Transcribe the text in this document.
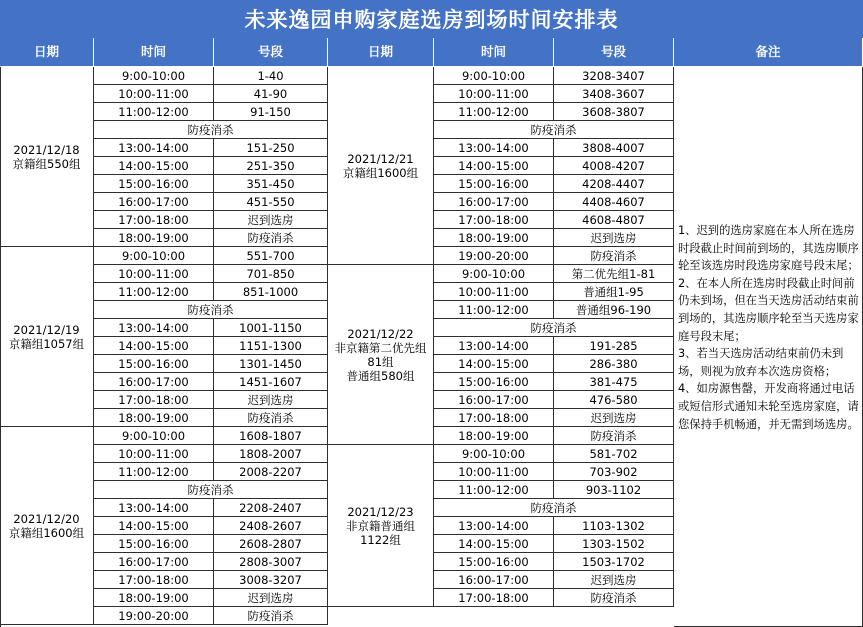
未来逸园申购家庭选房到场时间安排表
日期	时间	号段	日期	时间	号段	备注
2021/12/18
京籍组550组
9:00-10:00	1-40
10:00-11:00	41-90
11:00-12:00	91-150
防疫消杀
13:00-14:00	151-250
14:00-15:00	251-350
15:00-16:00	351-450
16:00-17:00	451-550
17:00-18:00	迟到选房
18:00-19:00	防疫消杀
2021/12/19
京籍组1057组
9:00-10:00	551-700
10:00-11:00	701-850
11:00-12:00	851-1000
防疫消杀
13:00-14:00	1001-1150
14:00-15:00	1151-1300
15:00-16:00	1301-1450
16:00-17:00	1451-1607
17:00-18:00	迟到选房
18:00-19:00	防疫消杀
2021/12/20
京籍组1600组
9:00-10:00	1608-1807
10:00-11:00	1808-2007
11:00-12:00	2008-2207
防疫消杀
13:00-14:00	2208-2407
14:00-15:00	2408-2607
15:00-16:00	2608-2807
16:00-17:00	2808-3007
17:00-18:00	3008-3207
18:00-19:00	迟到选房
19:00-20:00	防疫消杀
2021/12/21
京籍组1600组
9:00-10:00	3208-3407
10:00-11:00	3408-3607
11:00-12:00	3608-3807
防疫消杀
13:00-14:00	3808-4007
14:00-15:00	4008-4207
15:00-16:00	4208-4407
16:00-17:00	4408-4607
17:00-18:00	4608-4807
18:00-19:00	迟到选房
19:00-20:00	防疫消杀
2021/12/22
非京籍第二优先组81组
普通组580组
9:00-10:00	第二优先组1-81
10:00-11:00	普通组1-95
11:00-12:00	普通组96-190
防疫消杀
13:00-14:00	191-285
14:00-15:00	286-380
15:00-16:00	381-475
16:00-17:00	476-580
17:00-18:00	迟到选房
18:00-19:00	防疫消杀
2021/12/23
非京籍普通组1122组
9:00-10:00	581-702
10:00-11:00	703-902
11:00-12:00	903-1102
防疫消杀
13:00-14:00	1103-1302
14:00-15:00	1303-1502
15:00-16:00	1503-1702
16:00-17:00	迟到选房
17:00-18:00	防疫消杀

1、迟到的选房家庭在本人所在选房时段截止时间前到场的，其选房顺序轮至该选房时段选房家庭号段末尾；

2、在本人所在选房时段截止时间前仍未到场，但在当天选房活动结束前到场的，其选房顺序轮至当天选房家庭号段末尾；

3、若当天选房活动结束前仍未到场，则视为放弃本次选房资格；

4、如房源售罄，开发商将通过电话或短信形式通知未轮至选房家庭，请您保持手机畅通，并无需到场选房。
